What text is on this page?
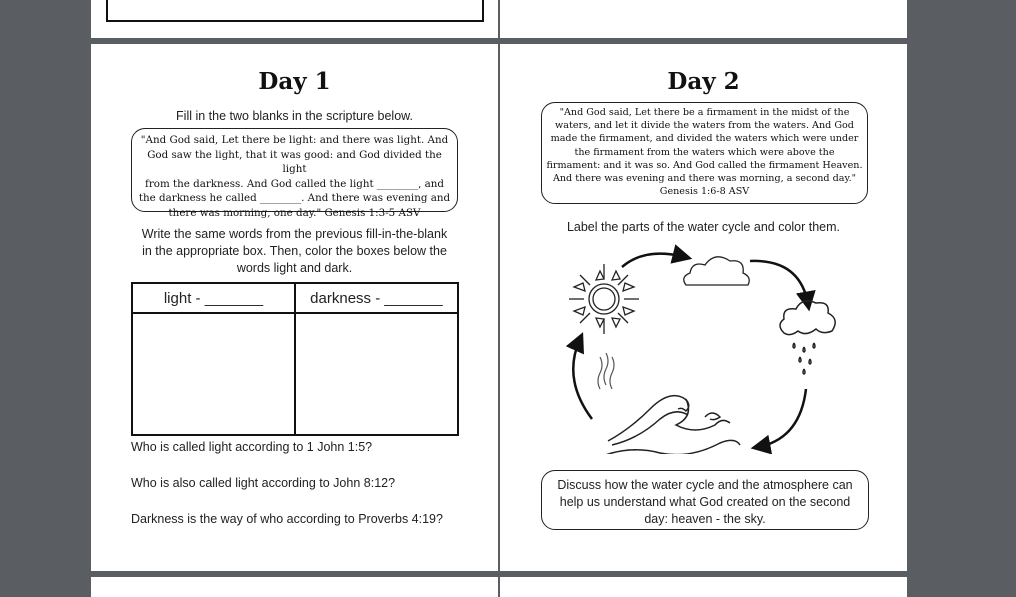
Day 1
Fill in the two blanks in the scripture below.
"And God said, Let there be light: and there was light. And
God saw the light, that it was good: and God divided the light
from the darkness. And God called the light ________, and
the darkness he called ________. And there was evening and
there was morning, one day." Genesis 1:3-5 ASV
Write the same words from the previous fill-in-the-blank
in the appropriate box. Then, color the boxes below the
words light and dark.
light - _______	darkness - _______

Who is called light according to 1 John 1:5?
Who is also called light according to John 8:12?
Darkness is the way of who according to Proverbs 4:19?
Day 2
"And God said, Let there be a firmament in the midst of the
waters, and let it divide the waters from the waters. And God
made the firmament, and divided the waters which were under
the firmament from the waters which were above the
firmament: and it was so. And God called the firmament Heaven.
And there was evening and there was morning, a second day."
Genesis 1:6-8 ASV
Label the parts of the water cycle and color them.
Discuss how the water cycle and the atmosphere can
help us understand what God created on the second
day: heaven - the sky.
